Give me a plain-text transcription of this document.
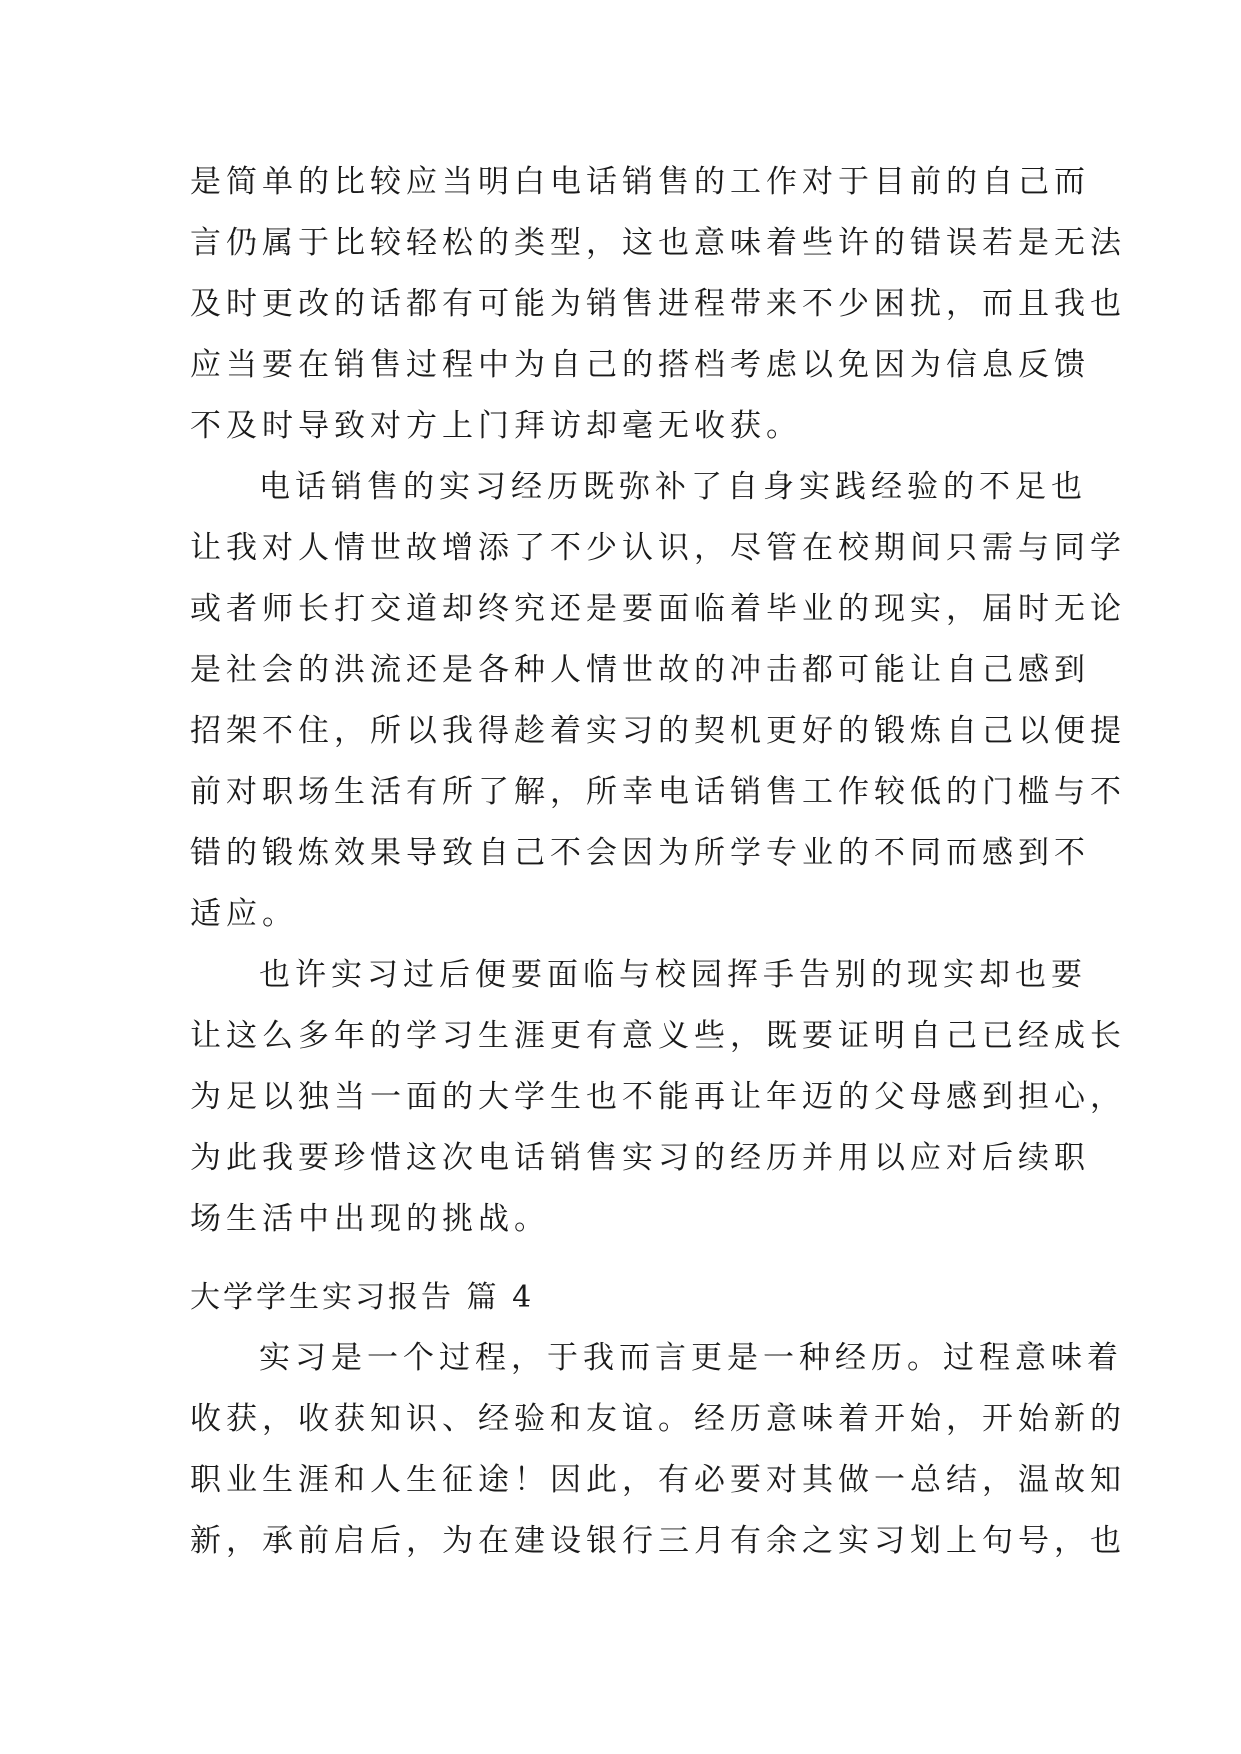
是简单的比较应当明白电话销售的工作对于目前的自己而
言仍属于比较轻松的类型，这也意味着些许的错误若是无法
及时更改的话都有可能为销售进程带来不少困扰，而且我也
应当要在销售过程中为自己的搭档考虑以免因为信息反馈
不及时导致对方上门拜访却毫无收获。
电话销售的实习经历既弥补了自身实践经验的不足也
让我对人情世故增添了不少认识，尽管在校期间只需与同学
或者师长打交道却终究还是要面临着毕业的现实，届时无论
是社会的洪流还是各种人情世故的冲击都可能让自己感到
招架不住，所以我得趁着实习的契机更好的锻炼自己以便提
前对职场生活有所了解，所幸电话销售工作较低的门槛与不
错的锻炼效果导致自己不会因为所学专业的不同而感到不
适应。
也许实习过后便要面临与校园挥手告别的现实却也要
让这么多年的学习生涯更有意义些，既要证明自己已经成长
为足以独当一面的大学生也不能再让年迈的父母感到担心，
为此我要珍惜这次电话销售实习的经历并用以应对后续职
场生活中出现的挑战。
大学学生实习报告 篇 4
实习是一个过程，于我而言更是一种经历。过程意味着
收获，收获知识、经验和友谊。经历意味着开始，开始新的
职业生涯和人生征途！因此，有必要对其做一总结，温故知
新，承前启后，为在建设银行三月有余之实习划上句号，也
